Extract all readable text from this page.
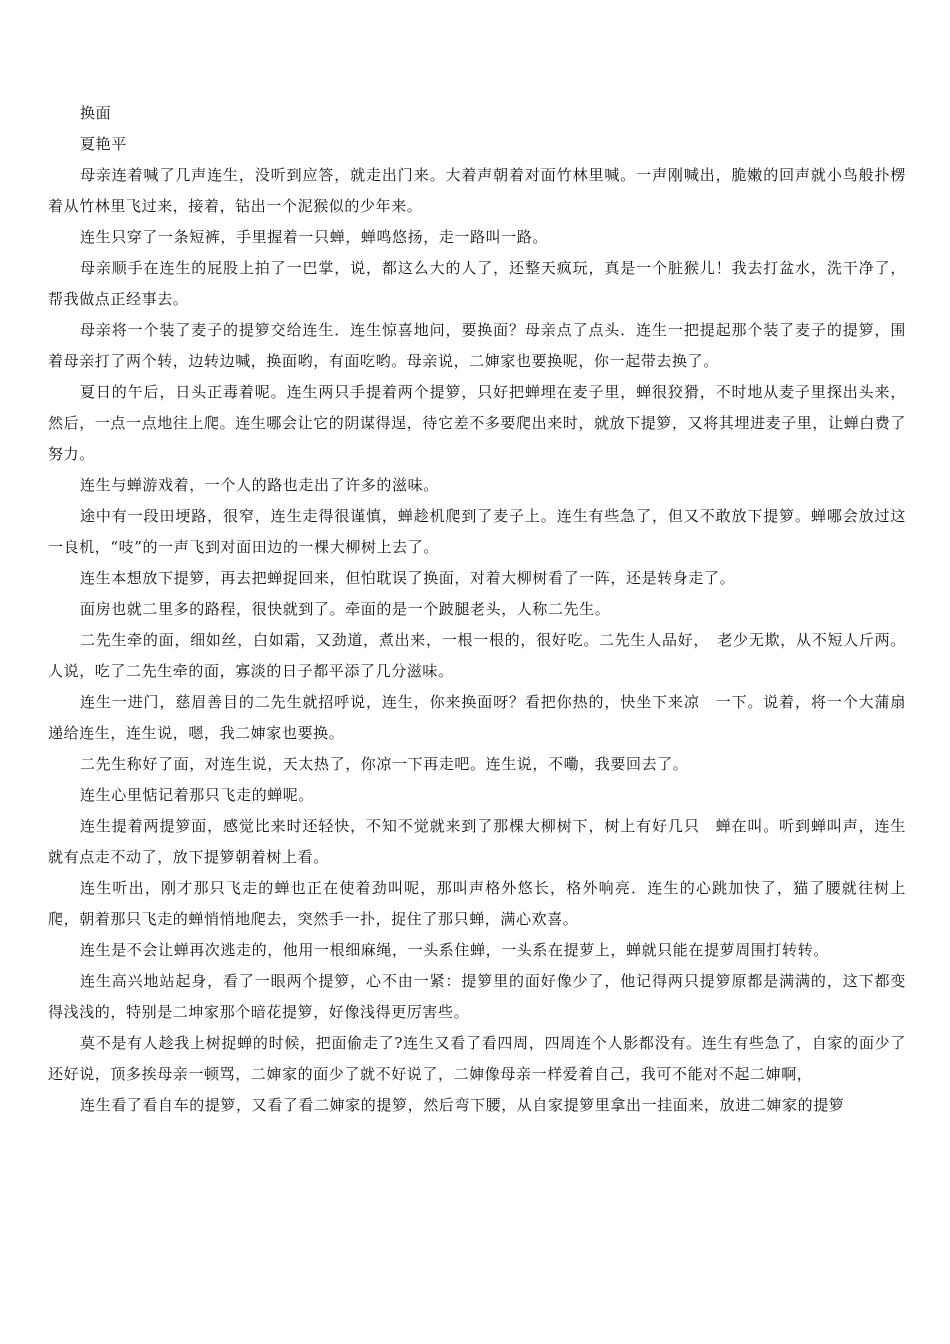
换面

夏艳平

母亲连着喊了几声连生，没听到应答，就走出门来。大着声朝着对面竹林里喊。一声刚喊出，脆嫩的回声就小鸟般扑楞着从竹林里飞过来，接着，钻出一个泥猴似的少年来。

连生只穿了一条短裤，手里握着一只蝉，蝉鸣悠扬，走一路叫一路。

母亲顺手在连生的屁股上拍了一巴掌，说，都这么大的人了，还整天疯玩，真是一个脏猴儿！我去打盆水，洗干净了，帮我做点正经事去。

母亲将一个装了麦子的提箩交给连生．连生惊喜地问，要换面？母亲点了点头．连生一把提起那个装了麦子的提箩，围着母亲打了两个转，边转边喊，换面哟，有面吃哟。母亲说，二婶家也要换呢，你一起带去换了。

夏日的午后，日头正毒着呢。连生两只手提着两个提箩，只好把蝉埋在麦子里，蝉很狡猾，不时地从麦子里探出头来，然后，一点一点地往上爬。连生哪会让它的阴谋得逞，待它差不多要爬出来时，就放下提箩，又将其埋进麦子里，让蝉白费了努力。

连生与蝉游戏着，一个人的路也走出了许多的滋味。

途中有一段田埂路，很窄，连生走得很谨慎，蝉趁机爬到了麦子上。连生有些急了，但又不敢放下提箩。蝉哪会放过这一良机，“吱”的一声飞到对面田边的一棵大柳树上去了。

连生本想放下提箩，再去把蝉捉回来，但怕耽误了换面，对着大柳树看了一阵，还是转身走了。

面房也就二里多的路程，很快就到了。牵面的是一个跛腿老头，人称二先生。

二先生牵的面，细如丝，白如霜，又劲道，煮出来，一根一根的，很好吃。二先生人品好，　老少无欺，从不短人斤两。人说，吃了二先生牵的面，寡淡的日子都平添了几分滋味。

连生一进门，慈眉善目的二先生就招呼说，连生，你来换面呀？看把你热的，快坐下来凉　一下。说着，将一个大蒲扇递给连生，连生说，嗯，我二婶家也要换。

二先生称好了面，对连生说，天太热了，你凉一下再走吧。连生说，不嘞，我要回去了。

连生心里惦记着那只飞走的蝉呢。

连生提着两提箩面，感觉比来时还轻快，不知不觉就来到了那棵大柳树下，树上有好几只　蝉在叫。听到蝉叫声，连生就有点走不动了，放下提箩朝着树上看。

连生听出，刚才那只飞走的蝉也正在使着劲叫呢，那叫声格外悠长，格外响亮．连生的心跳加快了，猫了腰就往树上爬，朝着那只飞走的蝉悄悄地爬去，突然手一扑，捉住了那只蝉，满心欢喜。

连生是不会让蝉再次逃走的，他用一根细麻绳，一头系住蝉，一头系在提萝上，蝉就只能在提萝周围打转转。

连生高兴地站起身，看了一眼两个提箩，心不由一紧：提箩里的面好像少了，他记得两只提箩原都是满满的，这下都变得浅浅的，特别是二坤家那个暗花提箩，好像浅得更厉害些。

莫不是有人趁我上树捉蝉的时候，把面偷走了?连生又看了看四周，四周连个人影都没有。连生有些急了，自家的面少了还好说，顶多挨母亲一顿骂，二婶家的面少了就不好说了，二婶像母亲一样爱着自己，我可不能对不起二婶啊，

连生看了看自车的提箩，又看了看二婶家的提箩，然后弯下腰，从自家提箩里拿出一挂面来，放进二婶家的提箩
